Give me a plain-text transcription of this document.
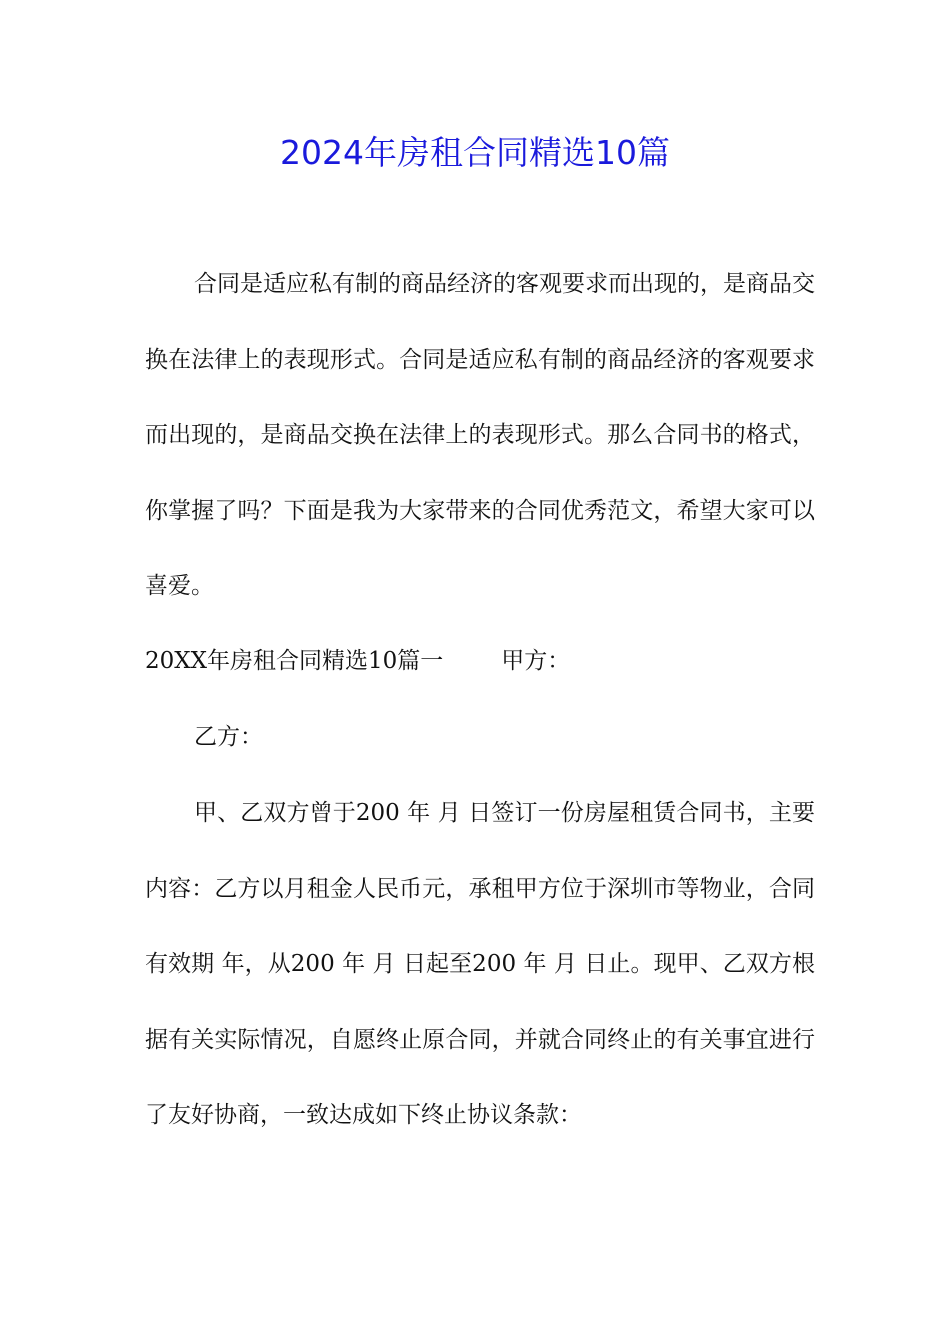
2024年房租合同精选10篇

合同是适应私有制的商品经济的客观要求而出现的，是商品交换在法律上的表现形式。合同是适应私有制的商品经济的客观要求而出现的，是商品交换在法律上的表现形式。那么合同书的格式，你掌握了吗？下面是我为大家带来的合同优秀范文，希望大家可以喜爱。

20XX年房租合同精选10篇一	甲方：

乙方：

甲、乙双方曾于200 年 月 日签订一份房屋租赁合同书，主要内容：乙方以月租金人民币元，承租甲方位于深圳市等物业，合同有效期 年，从200 年 月 日起至200 年 月 日止。现甲、乙双方根据有关实际情况，自愿终止原合同，并就合同终止的有关事宜进行了友好协商，一致达成如下终止协议条款：
